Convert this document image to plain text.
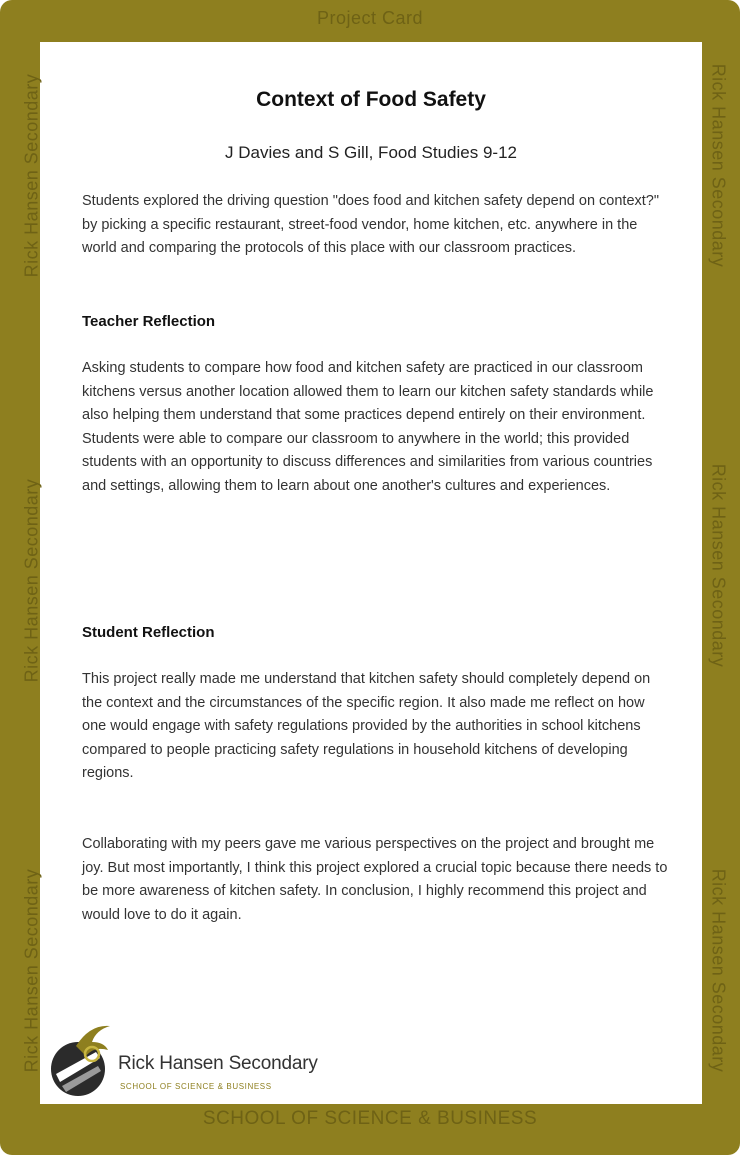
Project Card
Rick Hansen Secondary
Rick Hansen Secondary
Rick Hansen Secondary
Rick Hansen Secondary
Rick Hansen Secondary
Rick Hansen Secondary
SCHOOL OF SCIENCE & BUSINESS
Context of Food Safety
J Davies and S Gill, Food Studies 9-12
Students explored the driving question "does food and kitchen safety depend on context?" by picking a specific restaurant, street-food vendor, home kitchen, etc. anywhere in the world and comparing the protocols of this place with our classroom practices.
Teacher Reflection
Asking students to compare how food and kitchen safety are practiced in our classroom kitchens versus another location allowed them to learn our kitchen safety standards while also helping them understand that some practices depend entirely on their environment. Students were able to compare our classroom to anywhere in the world; this provided students with an opportunity to discuss differences and similarities from various countries and settings, allowing them to learn about one another's cultures and experiences.
Student Reflection
This project really made me understand that kitchen safety should completely depend on the context and the circumstances of the specific region. It also made me reflect on how one would engage with safety regulations provided by the authorities in school kitchens compared to people practicing safety regulations in household kitchens of developing regions.
Collaborating with my peers gave me various perspectives on the project and brought me joy. But most importantly, I think this project explored a crucial topic because there needs to be more awareness of kitchen safety. In conclusion, I highly recommend this project and would love to do it again.
Rick Hansen Secondary
SCHOOL OF SCIENCE & BUSINESS
